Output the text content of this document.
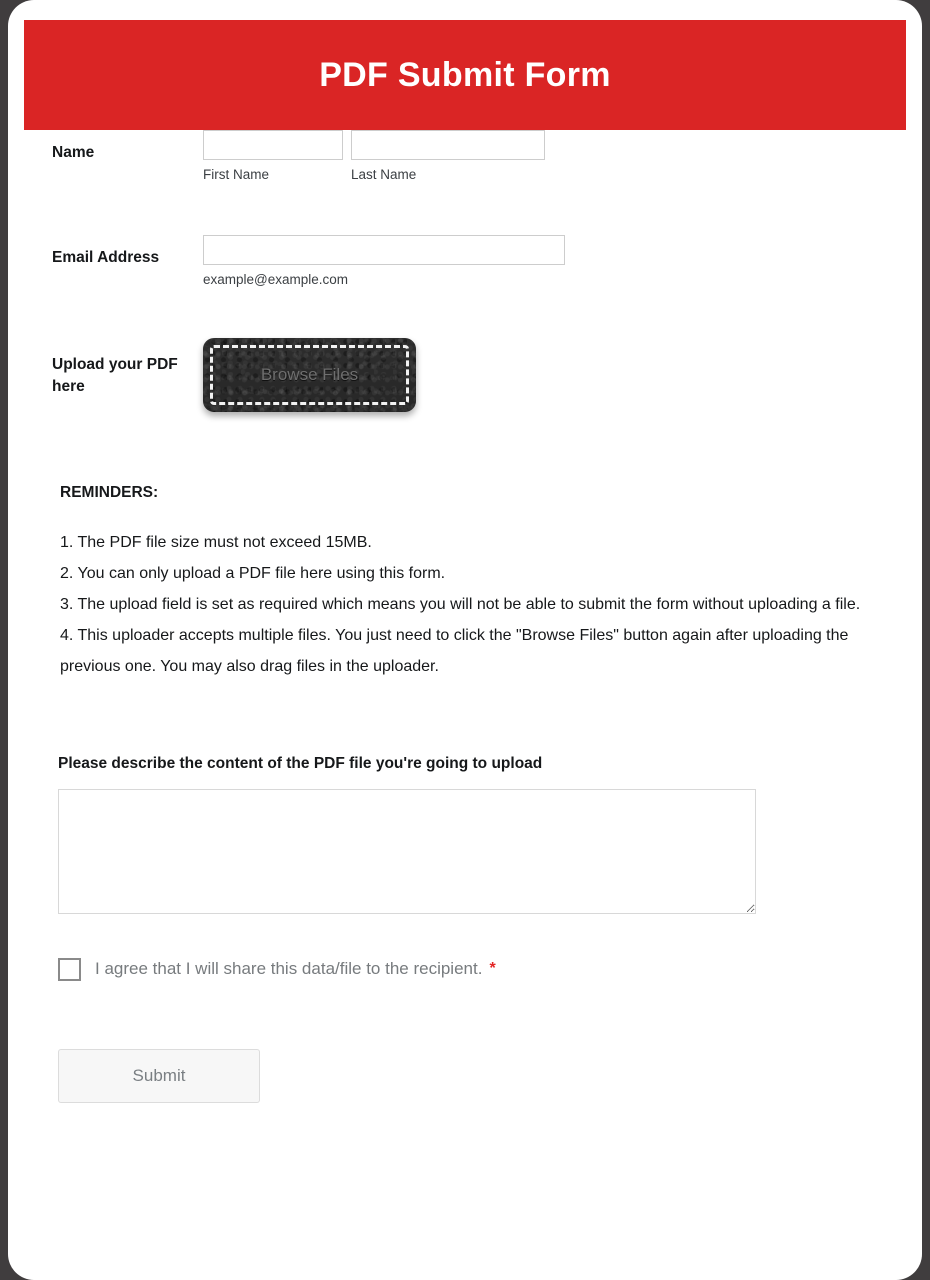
PDF Submit Form
Name
First Name	Last Name
Email Address
example@example.com
Upload your PDF here
Browse Files
REMINDERS:

1. The PDF file size must not exceed 15MB.

2. You can only upload a PDF file here using this form.

3. The upload field is set as required which means you will not be able to submit the form without uploading a file.

4. This uploader accepts multiple files. You just need to click the "Browse Files" button again after uploading the previous one. You may also drag files in the uploader.

Please describe the content of the PDF file you're going to upload
I agree that I will share this data/file to the recipient. *
Submit
